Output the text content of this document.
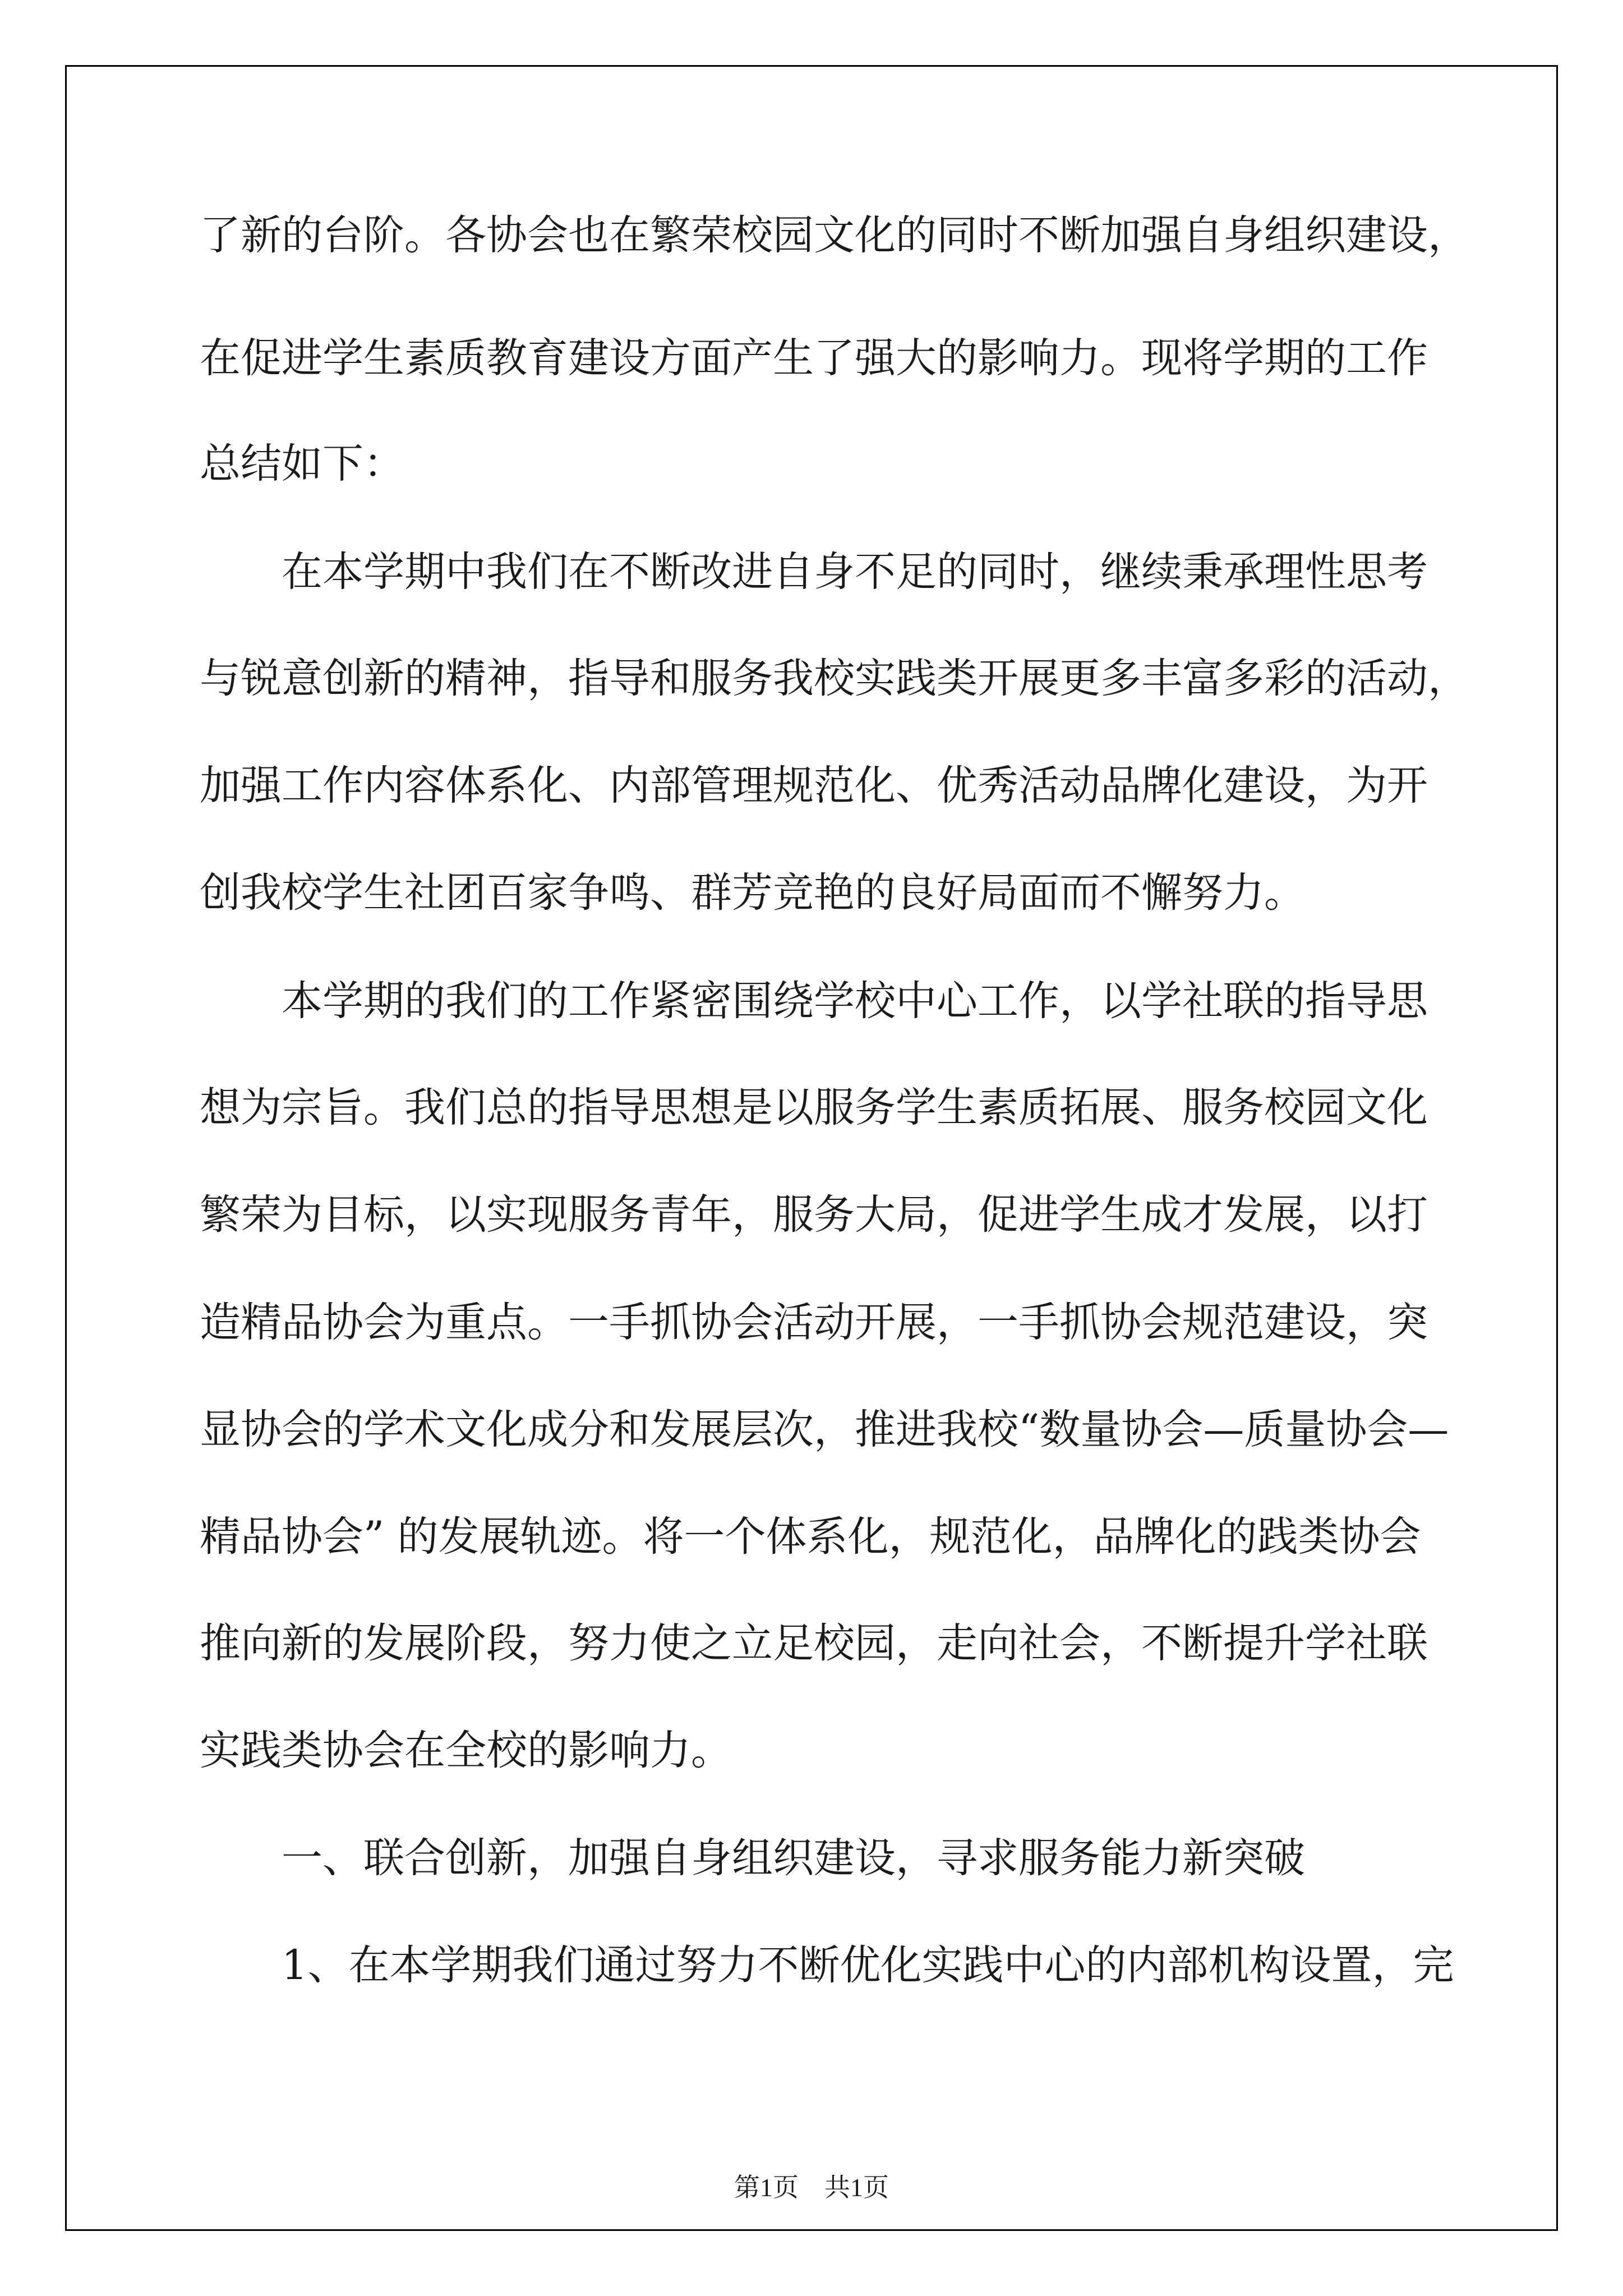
了新的台阶。各协会也在繁荣校园文化的同时不断加强自身组织建设，
在促进学生素质教育建设方面产生了强大的影响力。现将学期的工作
总结如下：
在本学期中我们在不断改进自身不足的同时，继续秉承理性思考
与锐意创新的精神，指导和服务我校实践类开展更多丰富多彩的活动，
加强工作内容体系化、内部管理规范化、优秀活动品牌化建设，为开
创我校学生社团百家争鸣、群芳竞艳的良好局面而不懈努力。
本学期的我们的工作紧密围绕学校中心工作，以学社联的指导思
想为宗旨。我们总的指导思想是以服务学生素质拓展、服务校园文化
繁荣为目标，以实现服务青年，服务大局，促进学生成才发展，以打
造精品协会为重点。一手抓协会活动开展，一手抓协会规范建设，突
显协会的学术文化成分和发展层次，推进我校“数量协会—质量协会—
精品协会” 的发展轨迹。将一个体系化，规范化，品牌化的践类协会
推向新的发展阶段，努力使之立足校园，走向社会，不断提升学社联
实践类协会在全校的影响力。
一、联合创新，加强自身组织建设，寻求服务能力新突破
1、在本学期我们通过努力不断优化实践中心的内部机构设置，完
第1页　共1页
